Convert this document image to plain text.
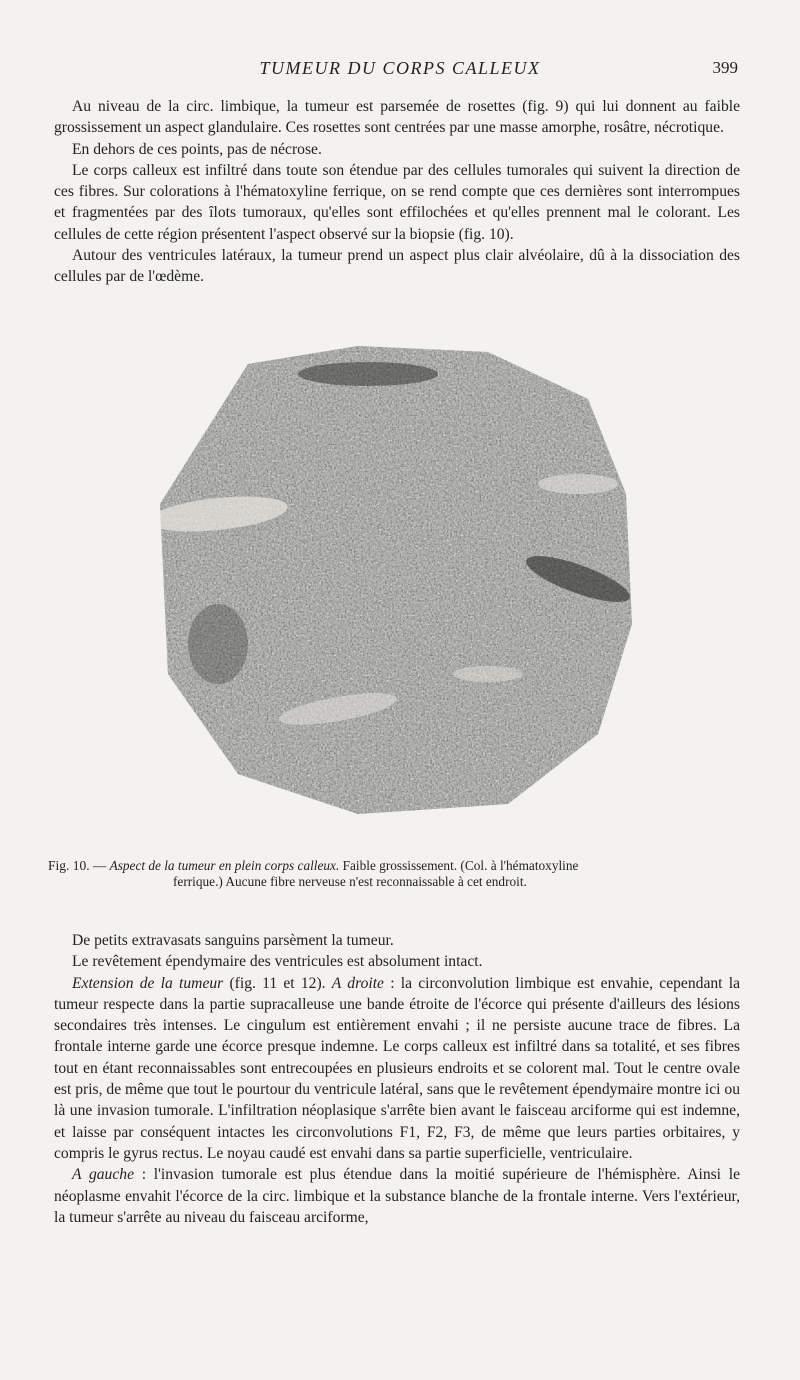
TUMEUR DU CORPS CALLEUX	399

Au niveau de la circ. limbique, la tumeur est parsemée de rosettes (fig. 9) qui lui donnent au faible grossissement un aspect glandulaire. Ces rosettes sont centrées par une masse amorphe, rosâtre, nécrotique.

En dehors de ces points, pas de nécrose.

Le corps calleux est infiltré dans toute son étendue par des cellules tumorales qui suivent la direction de ces fibres. Sur colorations à l'hématoxyline ferrique, on se rend compte que ces dernières sont interrompues et fragmentées par des îlots tumoraux, qu'elles sont effilochées et qu'elles prennent mal le colorant. Les cellules de cette région présentent l'aspect observé sur la biopsie (fig. 10).

Autour des ventricules latéraux, la tumeur prend un aspect plus clair alvéolaire, dû à la dissociation des cellules par de l'œdème.

Fig. 10. — Aspect de la tumeur en plein corps calleux. Faible grossissement. (Col. à l'hématoxyline
ferrique.) Aucune fibre nerveuse n'est reconnaissable à cet endroit.

De petits extravasats sanguins parsèment la tumeur.

Le revêtement épendymaire des ventricules est absolument intact.

Extension de la tumeur (fig. 11 et 12). A droite : la circonvolution limbique est envahie, cependant la tumeur respecte dans la partie supracalleuse une bande étroite de l'écorce qui présente d'ailleurs des lésions secondaires très intenses. Le cingulum est entièrement envahi ; il ne persiste aucune trace de fibres. La frontale interne garde une écorce presque indemne. Le corps calleux est infiltré dans sa totalité, et ses fibres tout en étant reconnaissables sont entrecoupées en plusieurs endroits et se colorent mal. Tout le centre ovale est pris, de même que tout le pourtour du ventricule latéral, sans que le revêtement épendymaire montre ici ou là une invasion tumorale. L'infiltration néoplasique s'arrête bien avant le faisceau arciforme qui est indemne, et laisse par conséquent intactes les circonvolutions F1, F2, F3, de même que leurs parties orbitaires, y compris le gyrus rectus. Le noyau caudé est envahi dans sa partie superficielle, ventriculaire.

A gauche : l'invasion tumorale est plus étendue dans la moitié supérieure de l'hémisphère. Ainsi le néoplasme envahit l'écorce de la circ. limbique et la substance blanche de la frontale interne. Vers l'extérieur, la tumeur s'arrête au niveau du faisceau arciforme,
